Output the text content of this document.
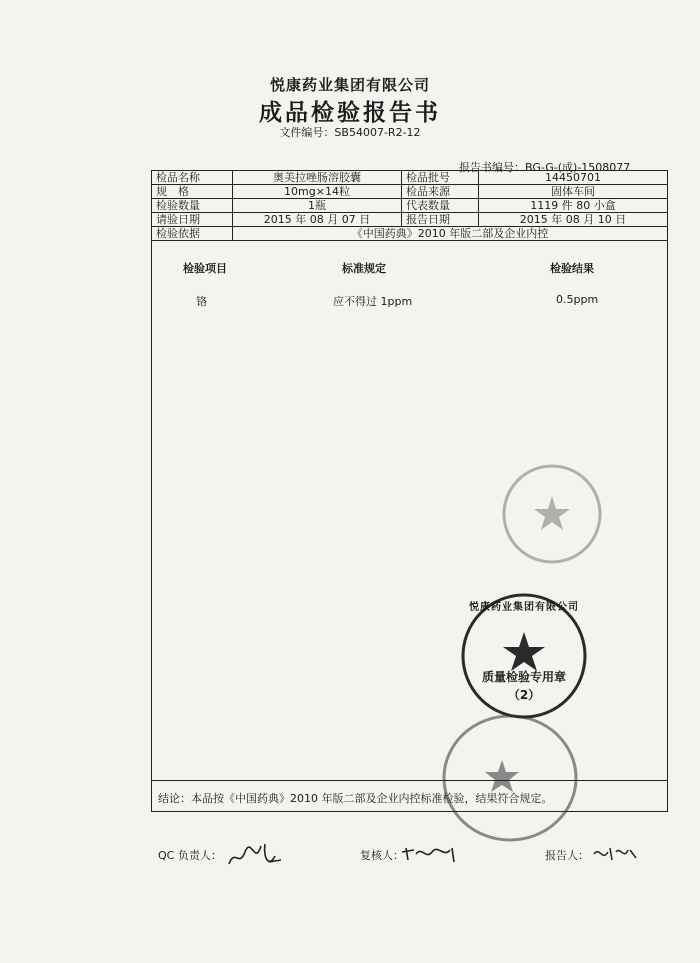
悦康药业集团有限公司
成品检验报告书
文件编号：SB54007-R2-12
报告书编号：BG-G-(成)-1508077
检品名称	奥美拉唑肠溶胶囊	检品批号	14450701
规　格	10mg×14粒	检品来源	固体车间
检验数量	1瓶	代表数量	1119 件 80 小盒
请验日期	2015 年 08 月 07 日	报告日期	2015 年 08 月 10 日
检验依据	《中国药典》2010 年版二部及企业内控		
检验项目	标准规定	检验结果
铬	应不得过 1ppm	0.5ppm
质量检验专用章
（2）
悦康药业集团有限公司
结论：本品按《中国药典》2010 年版二部及企业内控标准检验，结果符合规定。
QC 负责人：	复核人：	报告人：
